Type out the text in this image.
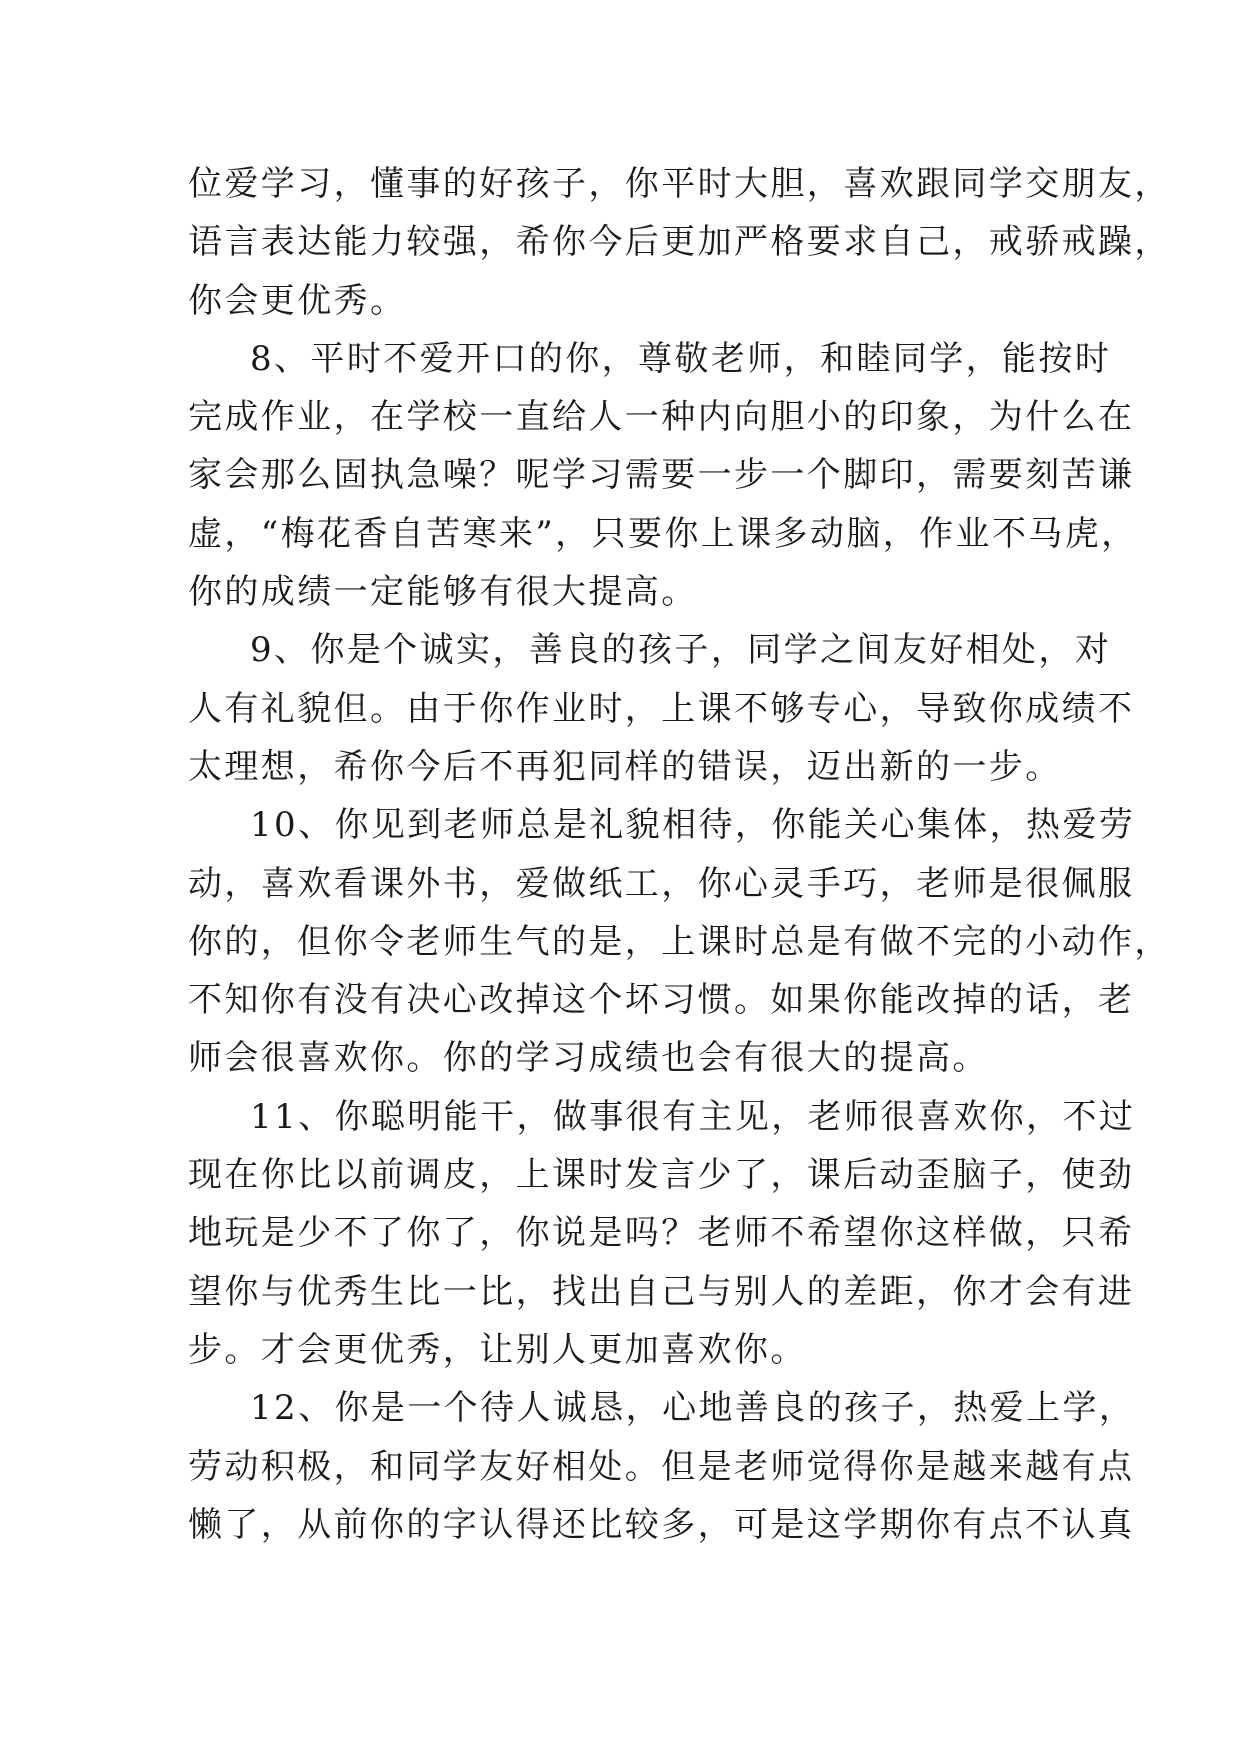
位爱学习，懂事的好孩子，你平时大胆，喜欢跟同学交朋友，
语言表达能力较强，希你今后更加严格要求自己，戒骄戒躁，
你会更优秀。
8、平时不爱开口的你，尊敬老师，和睦同学，能按时
完成作业，在学校一直给人一种内向胆小的印象，为什么在
家会那么固执急噪？呢学习需要一步一个脚印，需要刻苦谦
虚，“梅花香自苦寒来”，只要你上课多动脑，作业不马虎，
你的成绩一定能够有很大提高。
9、你是个诚实，善良的孩子，同学之间友好相处，对
人有礼貌但。由于你作业时，上课不够专心，导致你成绩不
太理想，希你今后不再犯同样的错误，迈出新的一步。
10、你见到老师总是礼貌相待，你能关心集体，热爱劳
动，喜欢看课外书，爱做纸工，你心灵手巧，老师是很佩服
你的，但你令老师生气的是，上课时总是有做不完的小动作，
不知你有没有决心改掉这个坏习惯。如果你能改掉的话，老
师会很喜欢你。你的学习成绩也会有很大的提高。
11、你聪明能干，做事很有主见，老师很喜欢你，不过
现在你比以前调皮，上课时发言少了，课后动歪脑子，使劲
地玩是少不了你了，你说是吗？老师不希望你这样做，只希
望你与优秀生比一比，找出自己与别人的差距，你才会有进
步。才会更优秀，让别人更加喜欢你。
12、你是一个待人诚恳，心地善良的孩子，热爱上学，
劳动积极，和同学友好相处。但是老师觉得你是越来越有点
懒了，从前你的字认得还比较多，可是这学期你有点不认真
